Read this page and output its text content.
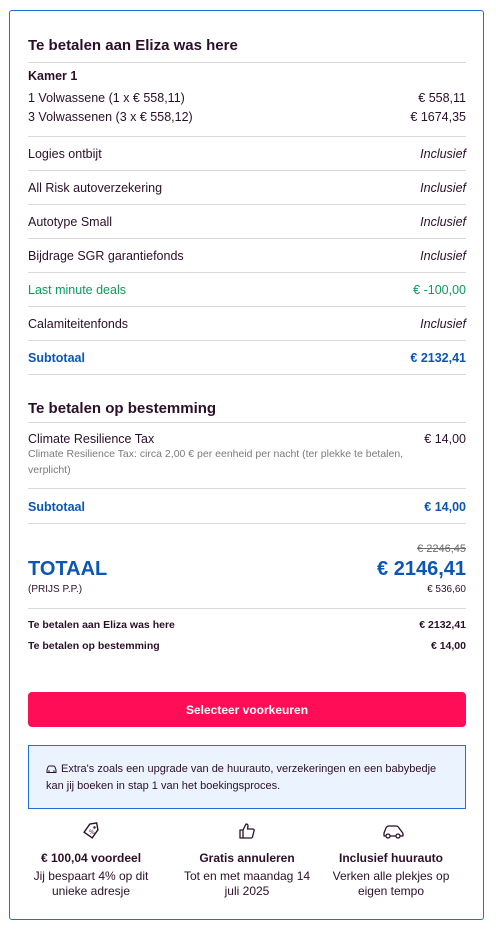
Te betalen aan Eliza was here
Kamer 1
1 Volwassene (1 x € 558,11)	€ 558,11
3 Volwassenen (3 x € 558,12)	€ 1674,35
Logies ontbijt	Inclusief
All Risk autoverzekering	Inclusief
Autotype Small	Inclusief
Bijdrage SGR garantiefonds	Inclusief
Last minute deals	€ -100,00
Calamiteitenfonds	Inclusief
Subtotaal	€ 2132,41
Te betalen op bestemming
Climate Resilience Tax	€ 14,00
Climate Resilience Tax: circa 2,00 € per eenheid per nacht (ter plekke te betalen, verplicht)
Subtotaal	€ 14,00
€ 2246,45
TOTAAL	€ 2146,41
(PRIJS P.P.)	€ 536,60
Te betalen aan Eliza was here	€ 2132,41
Te betalen op bestemming	€ 14,00
Selecteer voorkeuren
Extra's zoals een upgrade van de huurauto, verzekeringen en een babybedje kan jij boeken in stap 1 van het boekingsproces.
%
€ 100,04 voordeel
Jij bespaart 4% op dit unieke adresje
Gratis annuleren
Tot en met maandag 14 juli 2025
Inclusief huurauto
Verken alle plekjes op eigen tempo
